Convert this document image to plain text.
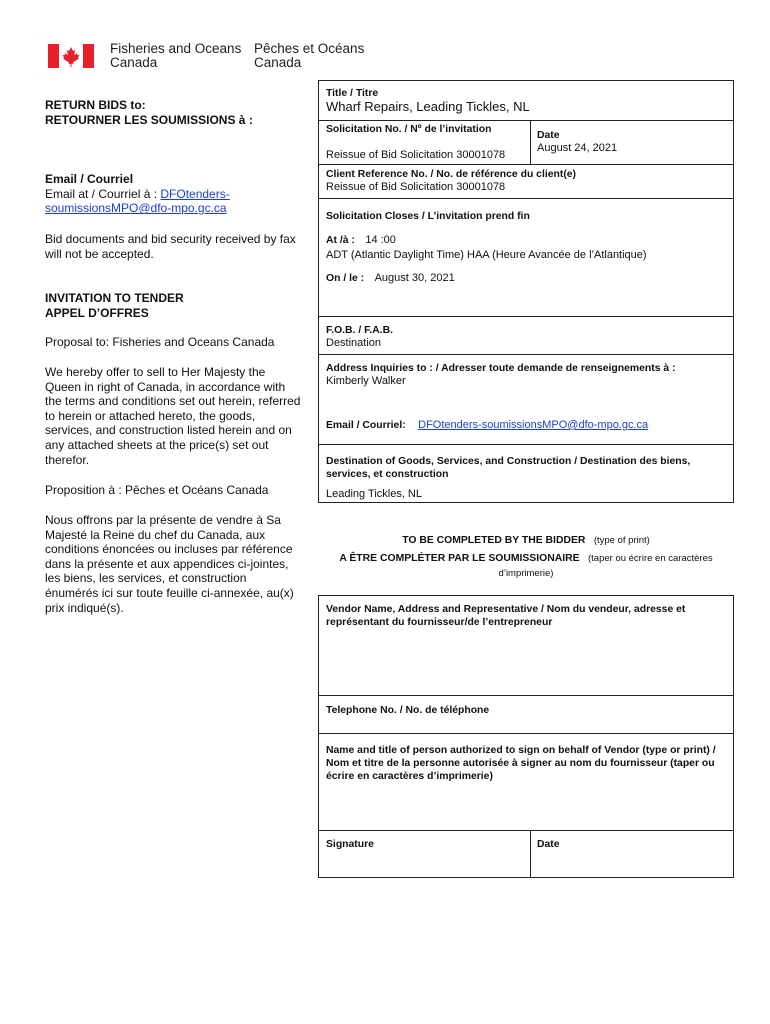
Fisheries and Oceans
Canada
Pêches et Océans
Canada
RETURN BIDS to:
RETOURNER LES SOUMISSIONS à :
Email / Courriel
Email at / Courriel à : DFOtenders-
soumissionsMPO@dfo-mpo.gc.ca
Bid documents and bid security received by fax will not be accepted.
INVITATION TO TENDER
APPEL D’OFFRES
Proposal to: Fisheries and Oceans Canada
We hereby offer to sell to Her Majesty the Queen in right of Canada, in accordance with the terms and conditions set out herein, referred to herein or attached hereto, the goods, services, and construction listed herein and on any attached sheets at the price(s) set out therefor.
Proposition à : Pêches et Océans Canada
Nous offrons par la présente de vendre à Sa Majesté la Reine du chef du Canada, aux conditions énoncées ou incluses par référence dans la présente et aux appendices ci-jointes, les biens, les services, et construction énumérés ici sur toute feuille ci-annexée, au(x) prix indiqué(s).
Title / Titre
Wharf Repairs, Leading Tickles, NL
Solicitation No. / Nº de l’invitation
Reissue of Bid Solicitation 30001078
Date
August 24, 2021
Client Reference No. / No. de référence du client(e)
Reissue of Bid Solicitation 30001078
Solicitation Closes / L’invitation prend fin
At /à : 14 :00
ADT (Atlantic Daylight Time) HAA (Heure Avancée de l’Atlantique)
On / le : August 30, 2021
F.O.B. / F.A.B.
Destination
Address Inquiries to : / Adresser toute demande de renseignements à :
Kimberly Walker
Email / Courriel: DFOtenders-soumissionsMPO@dfo-mpo.gc.ca
Destination of Goods, Services, and Construction / Destination des biens, services, et construction
Leading Tickles, NL
TO BE COMPLETED BY THE BIDDER (type of print)
A ÊTRE COMPLÉTER PAR LE SOUMISSIONAIRE (taper ou écrire en caractères d’imprimerie)
Vendor Name, Address and Representative / Nom du vendeur, adresse et représentant du fournisseur/de l’entrepreneur
Telephone No. / No. de téléphone
Name and title of person authorized to sign on behalf of Vendor (type or print) / Nom et titre de la personne autorisée à signer au nom du fournisseur (taper ou écrire en caractères d’imprimerie)
Signature	Date
